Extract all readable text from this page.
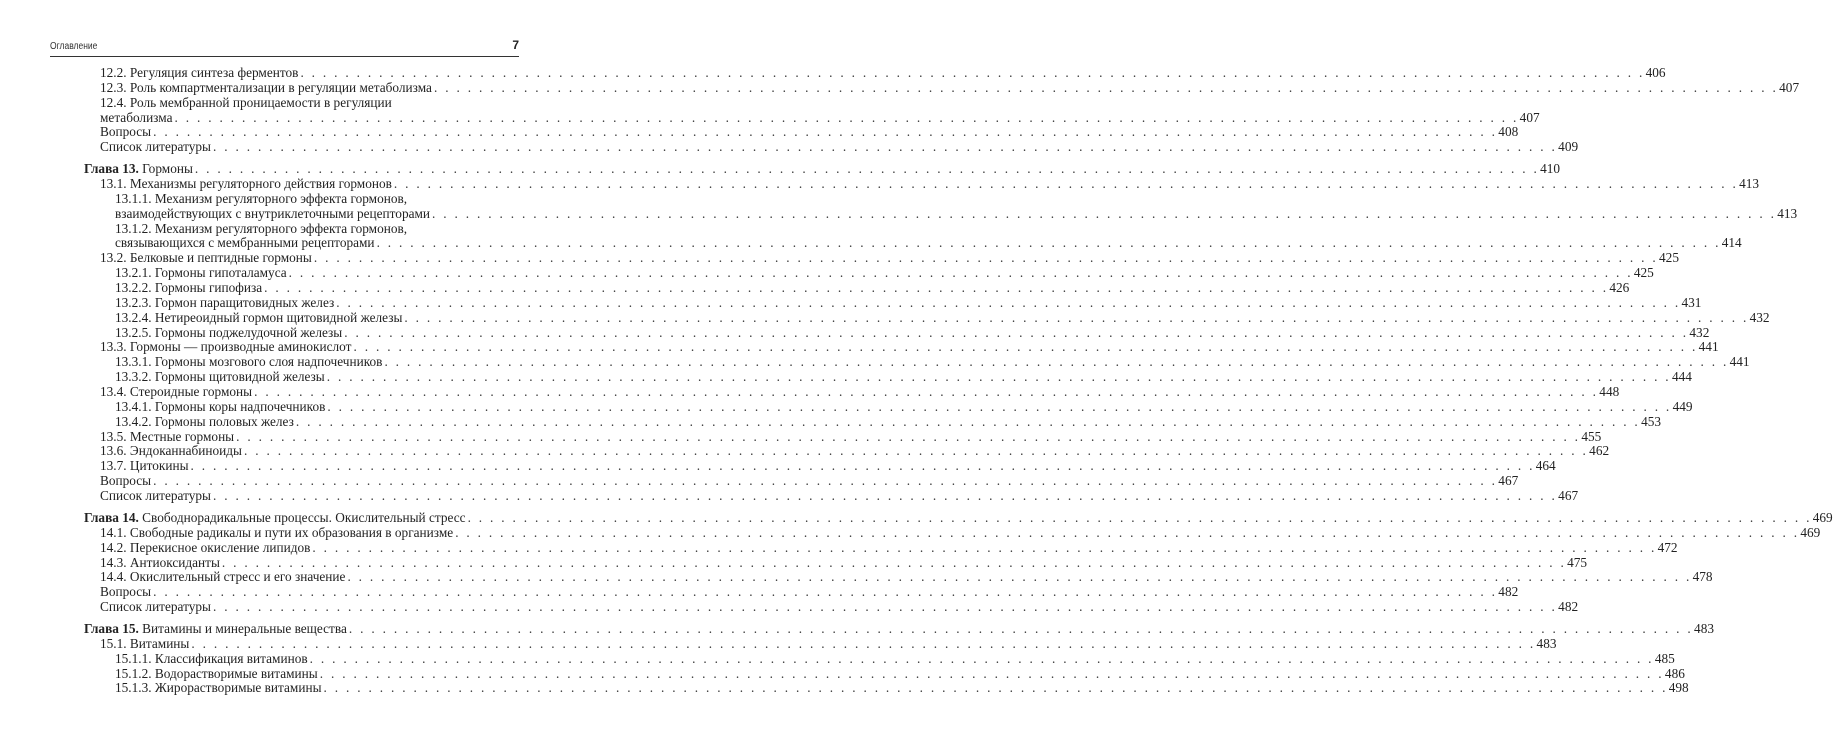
Оглавление	7
12.2. Регуляция синтеза ферментов . . . . . . . . . . . . . . . . . . . . . . . . . . . . . . . . . . . . . . . . . . . . . . . . . . . . . . . . . . . . . . . . . . . . . . . . . . . . . . . . . . . . . . . . . . . . . . . . . . . . . . . . . . . . . . . . . . . . . . . . 406
12.3. Роль компартментализации в регуляции метаболизма . . . . . . . . . . . . . . . . . . . . . . . . . . . . . . . . . . . . . . . . . . . . . . . . . . . . . . . . . . . . . . . . . . . . . . . . . . . . . . . . . . . . . . . . . . . . . . . . . . . . . . . . . . . . . . . . . . . . . . . . 407
12.4. Роль мембранной проницаемости в регуляции
метаболизма . . . . . . . . . . . . . . . . . . . . . . . . . . . . . . . . . . . . . . . . . . . . . . . . . . . . . . . . . . . . . . . . . . . . . . . . . . . . . . . . . . . . . . . . . . . . . . . . . . . . . . . . . . . . . . . . . . . . . . . . 407
Вопросы . . . . . . . . . . . . . . . . . . . . . . . . . . . . . . . . . . . . . . . . . . . . . . . . . . . . . . . . . . . . . . . . . . . . . . . . . . . . . . . . . . . . . . . . . . . . . . . . . . . . . . . . . . . . . . . . . . . . . . . . 408
Список литературы . . . . . . . . . . . . . . . . . . . . . . . . . . . . . . . . . . . . . . . . . . . . . . . . . . . . . . . . . . . . . . . . . . . . . . . . . . . . . . . . . . . . . . . . . . . . . . . . . . . . . . . . . . . . . . . . . . . . . . . . 409
Глава 13. Гормоны . . . . . . . . . . . . . . . . . . . . . . . . . . . . . . . . . . . . . . . . . . . . . . . . . . . . . . . . . . . . . . . . . . . . . . . . . . . . . . . . . . . . . . . . . . . . . . . . . . . . . . . . . . . . . . . . . . . . . . . . 410
13.1. Механизмы регуляторного действия гормонов . . . . . . . . . . . . . . . . . . . . . . . . . . . . . . . . . . . . . . . . . . . . . . . . . . . . . . . . . . . . . . . . . . . . . . . . . . . . . . . . . . . . . . . . . . . . . . . . . . . . . . . . . . . . . . . . . . . . . . . . 413
13.1.1. Механизм регуляторного эффекта гормонов,
взаимодействующих с внутриклеточными рецепторами . . . . . . . . . . . . . . . . . . . . . . . . . . . . . . . . . . . . . . . . . . . . . . . . . . . . . . . . . . . . . . . . . . . . . . . . . . . . . . . . . . . . . . . . . . . . . . . . . . . . . . . . . . . . . . . . . . . . . . . . 413
13.1.2. Механизм регуляторного эффекта гормонов,
связывающихся с мембранными рецепторами . . . . . . . . . . . . . . . . . . . . . . . . . . . . . . . . . . . . . . . . . . . . . . . . . . . . . . . . . . . . . . . . . . . . . . . . . . . . . . . . . . . . . . . . . . . . . . . . . . . . . . . . . . . . . . . . . . . . . . . . 414
13.2. Белковые и пептидные гормоны . . . . . . . . . . . . . . . . . . . . . . . . . . . . . . . . . . . . . . . . . . . . . . . . . . . . . . . . . . . . . . . . . . . . . . . . . . . . . . . . . . . . . . . . . . . . . . . . . . . . . . . . . . . . . . . . . . . . . . . . 425
13.2.1. Гормоны гипоталамуса . . . . . . . . . . . . . . . . . . . . . . . . . . . . . . . . . . . . . . . . . . . . . . . . . . . . . . . . . . . . . . . . . . . . . . . . . . . . . . . . . . . . . . . . . . . . . . . . . . . . . . . . . . . . . . . . . . . . . . . . 425
13.2.2. Гормоны гипофиза . . . . . . . . . . . . . . . . . . . . . . . . . . . . . . . . . . . . . . . . . . . . . . . . . . . . . . . . . . . . . . . . . . . . . . . . . . . . . . . . . . . . . . . . . . . . . . . . . . . . . . . . . . . . . . . . . . . . . . . . 426
13.2.3. Гормон паращитовидных желез . . . . . . . . . . . . . . . . . . . . . . . . . . . . . . . . . . . . . . . . . . . . . . . . . . . . . . . . . . . . . . . . . . . . . . . . . . . . . . . . . . . . . . . . . . . . . . . . . . . . . . . . . . . . . . . . . . . . . . . . 431
13.2.4. Нетиреоидный гормон щитовидной железы . . . . . . . . . . . . . . . . . . . . . . . . . . . . . . . . . . . . . . . . . . . . . . . . . . . . . . . . . . . . . . . . . . . . . . . . . . . . . . . . . . . . . . . . . . . . . . . . . . . . . . . . . . . . . . . . . . . . . . . . 432
13.2.5. Гормоны поджелудочной железы . . . . . . . . . . . . . . . . . . . . . . . . . . . . . . . . . . . . . . . . . . . . . . . . . . . . . . . . . . . . . . . . . . . . . . . . . . . . . . . . . . . . . . . . . . . . . . . . . . . . . . . . . . . . . . . . . . . . . . . . 432
13.3. Гормоны — производные аминокислот . . . . . . . . . . . . . . . . . . . . . . . . . . . . . . . . . . . . . . . . . . . . . . . . . . . . . . . . . . . . . . . . . . . . . . . . . . . . . . . . . . . . . . . . . . . . . . . . . . . . . . . . . . . . . . . . . . . . . . . . 441
13.3.1. Гормоны мозгового слоя надпочечников . . . . . . . . . . . . . . . . . . . . . . . . . . . . . . . . . . . . . . . . . . . . . . . . . . . . . . . . . . . . . . . . . . . . . . . . . . . . . . . . . . . . . . . . . . . . . . . . . . . . . . . . . . . . . . . . . . . . . . . . 441
13.3.2. Гормоны щитовидной железы . . . . . . . . . . . . . . . . . . . . . . . . . . . . . . . . . . . . . . . . . . . . . . . . . . . . . . . . . . . . . . . . . . . . . . . . . . . . . . . . . . . . . . . . . . . . . . . . . . . . . . . . . . . . . . . . . . . . . . . . 444
13.4. Стероидные гормоны . . . . . . . . . . . . . . . . . . . . . . . . . . . . . . . . . . . . . . . . . . . . . . . . . . . . . . . . . . . . . . . . . . . . . . . . . . . . . . . . . . . . . . . . . . . . . . . . . . . . . . . . . . . . . . . . . . . . . . . . 448
13.4.1. Гормоны коры надпочечников . . . . . . . . . . . . . . . . . . . . . . . . . . . . . . . . . . . . . . . . . . . . . . . . . . . . . . . . . . . . . . . . . . . . . . . . . . . . . . . . . . . . . . . . . . . . . . . . . . . . . . . . . . . . . . . . . . . . . . . . 449
13.4.2. Гормоны половых желез . . . . . . . . . . . . . . . . . . . . . . . . . . . . . . . . . . . . . . . . . . . . . . . . . . . . . . . . . . . . . . . . . . . . . . . . . . . . . . . . . . . . . . . . . . . . . . . . . . . . . . . . . . . . . . . . . . . . . . . . 453
13.5. Местные гормоны . . . . . . . . . . . . . . . . . . . . . . . . . . . . . . . . . . . . . . . . . . . . . . . . . . . . . . . . . . . . . . . . . . . . . . . . . . . . . . . . . . . . . . . . . . . . . . . . . . . . . . . . . . . . . . . . . . . . . . . . 455
13.6. Эндоканнабиноиды . . . . . . . . . . . . . . . . . . . . . . . . . . . . . . . . . . . . . . . . . . . . . . . . . . . . . . . . . . . . . . . . . . . . . . . . . . . . . . . . . . . . . . . . . . . . . . . . . . . . . . . . . . . . . . . . . . . . . . . . 462
13.7. Цитокины . . . . . . . . . . . . . . . . . . . . . . . . . . . . . . . . . . . . . . . . . . . . . . . . . . . . . . . . . . . . . . . . . . . . . . . . . . . . . . . . . . . . . . . . . . . . . . . . . . . . . . . . . . . . . . . . . . . . . . . . 464
Вопросы . . . . . . . . . . . . . . . . . . . . . . . . . . . . . . . . . . . . . . . . . . . . . . . . . . . . . . . . . . . . . . . . . . . . . . . . . . . . . . . . . . . . . . . . . . . . . . . . . . . . . . . . . . . . . . . . . . . . . . . . 467
Список литературы . . . . . . . . . . . . . . . . . . . . . . . . . . . . . . . . . . . . . . . . . . . . . . . . . . . . . . . . . . . . . . . . . . . . . . . . . . . . . . . . . . . . . . . . . . . . . . . . . . . . . . . . . . . . . . . . . . . . . . . . 467
Глава 14. Свободнорадикальные процессы. Окислительный стресс . . . . . . . . . . . . . . . . . . . . . . . . . . . . . . . . . . . . . . . . . . . . . . . . . . . . . . . . . . . . . . . . . . . . . . . . . . . . . . . . . . . . . . . . . . . . . . . . . . . . . . . . . . . . . . . . . . . . . . . . 469
14.1. Свободные радикалы и пути их образования в организме . . . . . . . . . . . . . . . . . . . . . . . . . . . . . . . . . . . . . . . . . . . . . . . . . . . . . . . . . . . . . . . . . . . . . . . . . . . . . . . . . . . . . . . . . . . . . . . . . . . . . . . . . . . . . . . . . . . . . . . . 469
14.2. Перекисное окисление липидов . . . . . . . . . . . . . . . . . . . . . . . . . . . . . . . . . . . . . . . . . . . . . . . . . . . . . . . . . . . . . . . . . . . . . . . . . . . . . . . . . . . . . . . . . . . . . . . . . . . . . . . . . . . . . . . . . . . . . . . . 472
14.3. Антиоксиданты . . . . . . . . . . . . . . . . . . . . . . . . . . . . . . . . . . . . . . . . . . . . . . . . . . . . . . . . . . . . . . . . . . . . . . . . . . . . . . . . . . . . . . . . . . . . . . . . . . . . . . . . . . . . . . . . . . . . . . . . 475
14.4. Окислительный стресс и его значение . . . . . . . . . . . . . . . . . . . . . . . . . . . . . . . . . . . . . . . . . . . . . . . . . . . . . . . . . . . . . . . . . . . . . . . . . . . . . . . . . . . . . . . . . . . . . . . . . . . . . . . . . . . . . . . . . . . . . . . . 478
Вопросы . . . . . . . . . . . . . . . . . . . . . . . . . . . . . . . . . . . . . . . . . . . . . . . . . . . . . . . . . . . . . . . . . . . . . . . . . . . . . . . . . . . . . . . . . . . . . . . . . . . . . . . . . . . . . . . . . . . . . . . . 482
Список литературы . . . . . . . . . . . . . . . . . . . . . . . . . . . . . . . . . . . . . . . . . . . . . . . . . . . . . . . . . . . . . . . . . . . . . . . . . . . . . . . . . . . . . . . . . . . . . . . . . . . . . . . . . . . . . . . . . . . . . . . . 482
Глава 15. Витамины и минеральные вещества . . . . . . . . . . . . . . . . . . . . . . . . . . . . . . . . . . . . . . . . . . . . . . . . . . . . . . . . . . . . . . . . . . . . . . . . . . . . . . . . . . . . . . . . . . . . . . . . . . . . . . . . . . . . . . . . . . . . . . . . 483
15.1. Витамины . . . . . . . . . . . . . . . . . . . . . . . . . . . . . . . . . . . . . . . . . . . . . . . . . . . . . . . . . . . . . . . . . . . . . . . . . . . . . . . . . . . . . . . . . . . . . . . . . . . . . . . . . . . . . . . . . . . . . . . . 483
15.1.1. Классификация витаминов . . . . . . . . . . . . . . . . . . . . . . . . . . . . . . . . . . . . . . . . . . . . . . . . . . . . . . . . . . . . . . . . . . . . . . . . . . . . . . . . . . . . . . . . . . . . . . . . . . . . . . . . . . . . . . . . . . . . . . . . 485
15.1.2. Водорастворимые витамины . . . . . . . . . . . . . . . . . . . . . . . . . . . . . . . . . . . . . . . . . . . . . . . . . . . . . . . . . . . . . . . . . . . . . . . . . . . . . . . . . . . . . . . . . . . . . . . . . . . . . . . . . . . . . . . . . . . . . . . . 486
15.1.3. Жирорастворимые витамины . . . . . . . . . . . . . . . . . . . . . . . . . . . . . . . . . . . . . . . . . . . . . . . . . . . . . . . . . . . . . . . . . . . . . . . . . . . . . . . . . . . . . . . . . . . . . . . . . . . . . . . . . . . . . . . . . . . . . . . . 498
